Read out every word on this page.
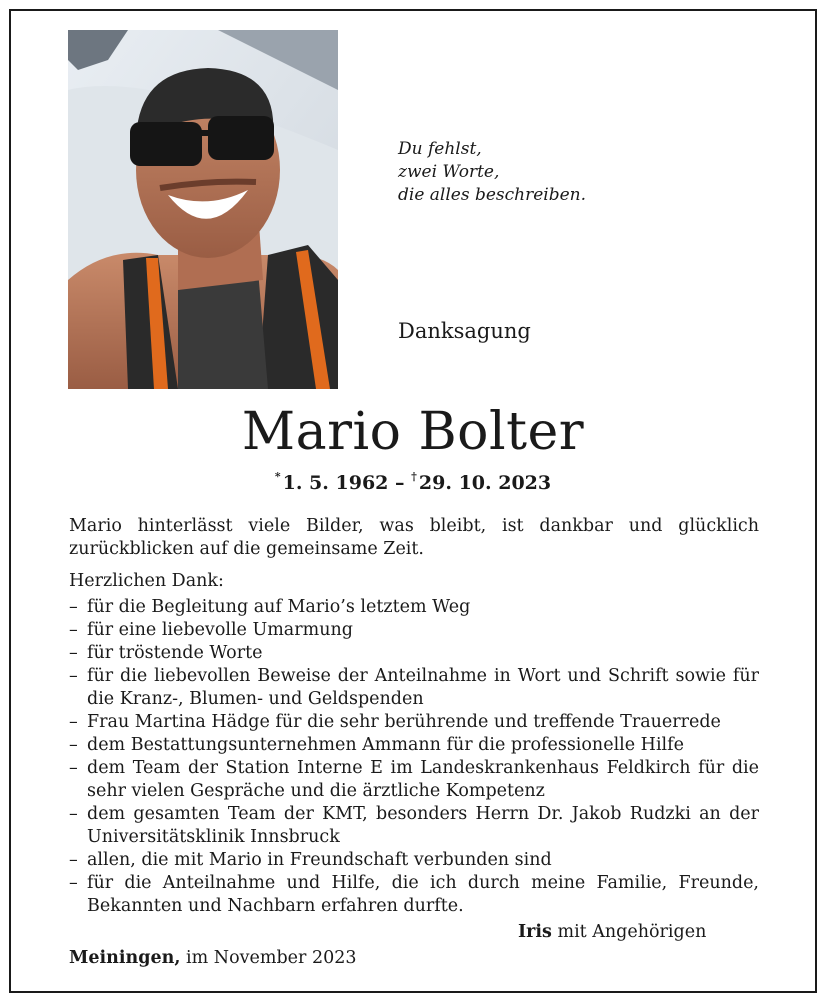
Du fehlst,
zwei Worte,
die alles beschreiben.
Danksagung
Mario Bolter
* 1. 5. 1962 – † 29. 10. 2023
Mario hinterlässt viele Bilder, was bleibt, ist dankbar und glücklich zurückblicken auf die gemeinsame Zeit.
Herzlichen Dank:
– für die Begleitung auf Mario’s letztem Weg
– für eine liebevolle Umarmung
– für tröstende Worte
– für die liebevollen Beweise der Anteilnahme in Wort und Schrift sowie für die Kranz-, Blumen- und Geldspenden
– Frau Martina Hädge für die sehr berührende und treffende Trauerrede
– dem Bestattungsunternehmen Ammann für die professionelle Hilfe
– dem Team der Station Interne E im Landeskrankenhaus Feldkirch für die sehr vielen Gespräche und die ärztliche Kompetenz
– dem gesamten Team der KMT, besonders Herrn Dr. Jakob Rudzki an der Universitätsklinik Innsbruck
– allen, die mit Mario in Freundschaft verbunden sind
– für die Anteilnahme und Hilfe, die ich durch meine Familie, Freunde, Bekannten und Nachbarn erfahren durfte.
Iris mit Angehörigen
Meiningen, im November 2023
